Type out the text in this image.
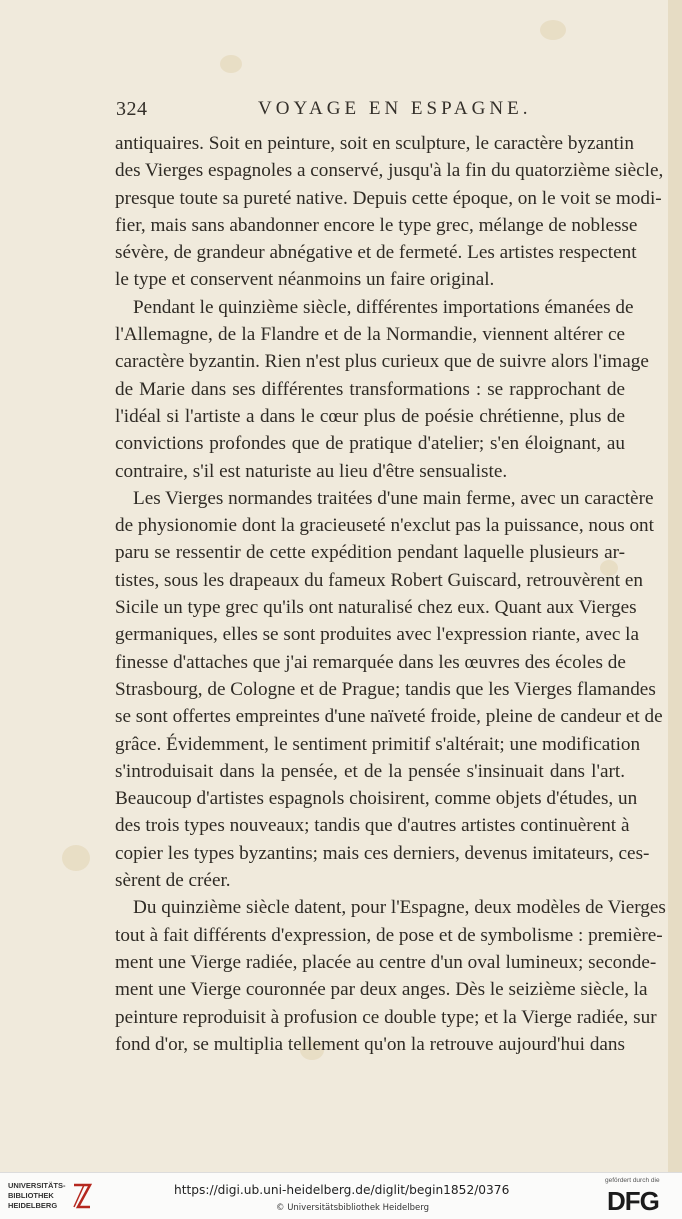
324	VOYAGE EN ESPAGNE.
antiquaires. Soit en peinture, soit en sculpture, le caractère byzantin
des Vierges espagnoles a conservé, jusqu'à la fin du quatorzième siècle,
presque toute sa pureté native. Depuis cette époque, on le voit se modi-
fier, mais sans abandonner encore le type grec, mélange de noblesse
sévère, de grandeur abnégative et de fermeté. Les artistes respectent
le type et conservent néanmoins un faire original.
Pendant le quinzième siècle, différentes importations émanées de
l'Allemagne, de la Flandre et de la Normandie, viennent altérer ce
caractère byzantin. Rien n'est plus curieux que de suivre alors l'image
de Marie dans ses différentes transformations : se rapprochant de
l'idéal si l'artiste a dans le cœur plus de poésie chrétienne, plus de
convictions profondes que de pratique d'atelier; s'en éloignant, au
contraire, s'il est naturiste au lieu d'être sensualiste.
Les Vierges normandes traitées d'une main ferme, avec un caractère
de physionomie dont la gracieuseté n'exclut pas la puissance, nous ont
paru se ressentir de cette expédition pendant laquelle plusieurs ar-
tistes, sous les drapeaux du fameux Robert Guiscard, retrouvèrent en
Sicile un type grec qu'ils ont naturalisé chez eux. Quant aux Vierges
germaniques, elles se sont produites avec l'expression riante, avec la
finesse d'attaches que j'ai remarquée dans les œuvres des écoles de
Strasbourg, de Cologne et de Prague; tandis que les Vierges flamandes
se sont offertes empreintes d'une naïveté froide, pleine de candeur et de
grâce. Évidemment, le sentiment primitif s'altérait; une modification
s'introduisait dans la pensée, et de la pensée s'insinuait dans l'art.
Beaucoup d'artistes espagnols choisirent, comme objets d'études, un
des trois types nouveaux; tandis que d'autres artistes continuèrent à
copier les types byzantins; mais ces derniers, devenus imitateurs, ces-
sèrent de créer.
Du quinzième siècle datent, pour l'Espagne, deux modèles de Vierges
tout à fait différents d'expression, de pose et de symbolisme : première-
ment une Vierge radiée, placée au centre d'un oval lumineux; seconde-
ment une Vierge couronnée par deux anges. Dès le seizième siècle, la
peinture reproduisit à profusion ce double type; et la Vierge radiée, sur
fond d'or, se multiplia tellement qu'on la retrouve aujourd'hui dans
UNIVERSITÄTS-
BIBLIOTHEK
HEIDELBERG
https://digi.ub.uni-heidelberg.de/diglit/begin1852/0376
© Universitätsbibliothek Heidelberg
gefördert durch die
DFG
